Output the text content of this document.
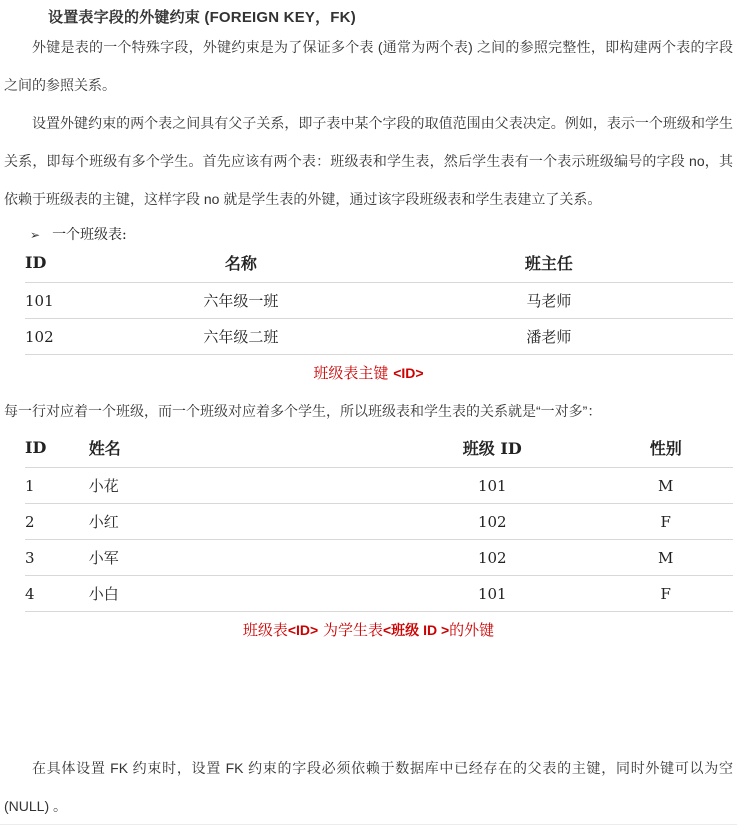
设置表字段的外键约束 (FOREIGN KEY，FK)

外键是表的一个特殊字段，外键约束是为了保证多个表 (通常为两个表) 之间的参照完整性，即构建两个表的字段之间的参照关系。

设置外键约束的两个表之间具有父子关系，即子表中某个字段的取值范围由父表决定。例如，表示一个班级和学生关系，即每个班级有多个学生。首先应该有两个表：班级表和学生表，然后学生表有一个表示班级编号的字段 no，其依赖于班级表的主键，这样字段 no 就是学生表的外键，通过该字段班级表和学生表建立了关系。

➢ 一个班级表:
ID	名称	班主任
101	六年级一班	马老师
102	六年级二班	潘老师

班级表主键 <ID>

每一行对应着一个班级，而一个班级对应着多个学生，所以班级表和学生表的关系就是“一对多”：

ID	姓名	班级 ID	性别
1	小花	101	M
2	小红	102	F
3	小军	102	M
4	小白	101	F

班级表<ID> 为学生表<班级 ID >的外键

在具体设置 FK 约束时，设置 FK 约束的字段必须依赖于数据库中已经存在的父表的主键，同时外键可以为空 (NULL) 。
